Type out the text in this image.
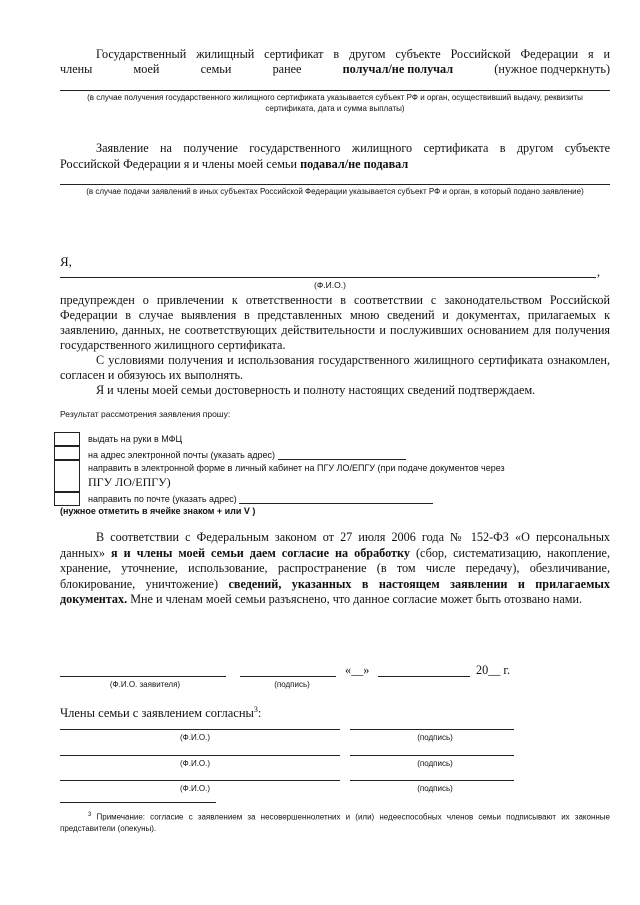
Государственный жилищный сертификат в другом субъекте Российской Федерации я и
члены	моей	семьи	ранее	получал/не получал	(нужное подчеркнуть)
(в случае получения государственного жилищного сертификата указывается субъект РФ и орган, осуществивший выдачу, реквизиты сертификата, дата и сумма выплаты)
Заявление на получение государственного жилищного сертификата в другом субъекте
Российской Федерации я и члены моей семьи подавал/не подавал
(в случае подачи заявлений в иных субъектах Российской Федерации указывается субъект РФ и орган, в который подано заявление)
Я,
,
(Ф.И.О.)
предупрежден о привлечении к ответственности в соответствии с законодательством Российской Федерации в случае выявления в представленных мною сведений и документах, прилагаемых к заявлению, данных, не соответствующих действительности и послуживших основанием для получения государственного жилищного сертификата.
С условиями получения и использования государственного жилищного сертификата ознакомлен, согласен и обязуюсь их выполнять.
Я и члены моей семьи достоверность и полноту настоящих сведений подтверждаем.
Результат рассмотрения заявления прошу:
выдать на руки в МФЦ
на адрес электронной почты (указать адрес)
направить в электронной форме в личный кабинет на ПГУ ЛО/ЕПГУ (при подаче документов через
ПГУ ЛО/ЕПГУ)
направить по почте (указать адрес)
(нужное отметить в ячейке знаком + или V )
В соответствии с Федеральным законом от 27 июля 2006 года № 152-ФЗ «О персональных данных» я и члены моей семьи даем согласие на обработку (сбор, систематизацию, накопление, хранение, уточнение, использование, распространение (в том числе передачу), обезличивание, блокирование, уничтожение) сведений, указанных в настоящем заявлении и прилагаемых документах. Мне и членам моей семьи разъяснено, что данное согласие может быть отозвано нами.
«__»	20__ г.
(Ф.И.О. заявителя)	(подпись)
Члены семьи с заявлением согласны$^3$:
(Ф.И.О.)	(подпись)
(Ф.И.О.)	(подпись)
(Ф.И.О.)	(подпись)
$^3$ Примечание: согласие с заявлением за несовершеннолетних и (или) недееспособных членов семьи подписывают их законные представители (опекуны).
